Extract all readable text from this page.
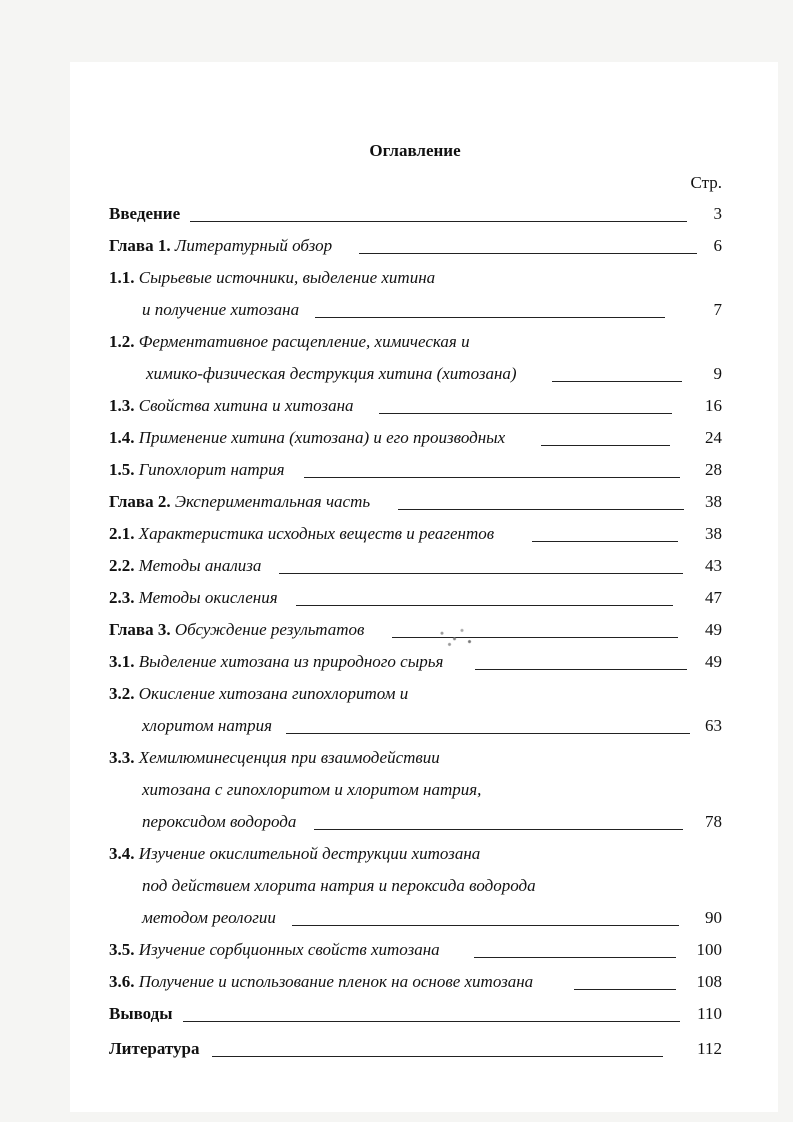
Оглавление
Стр.
Введение	3
Глава 1. Литературный обзор	6
1.1. Сырьевые источники, выделение хитина
и получение хитозана	7
1.2. Ферментативное расщепление, химическая и
химико-физическая деструкция хитина (хитозана)	9
1.3. Свойства хитина и хитозана	16
1.4. Применение хитина (хитозана) и его производных	24
1.5. Гипохлорит натрия	28
Глава 2. Экспериментальная часть	38
2.1. Характеристика исходных веществ и реагентов	38
2.2. Методы анализа	43
2.3. Методы окисления	47
Глава 3. Обсуждение результатов	49
3.1. Выделение хитозана из природного сырья	49
3.2. Окисление хитозана гипохлоритом и
хлоритом натрия	63
3.3. Хемилюминесценция при взаимодействии
хитозана с гипохлоритом и хлоритом натрия,
пероксидом водорода	78
3.4. Изучение окислительной деструкции хитозана
под действием хлорита натрия и пероксида водорода
методом реологии	90
3.5. Изучение сорбционных свойств хитозана	100
3.6. Получение и использование пленок на основе хитозана	108
Выводы	110
Литература	112
